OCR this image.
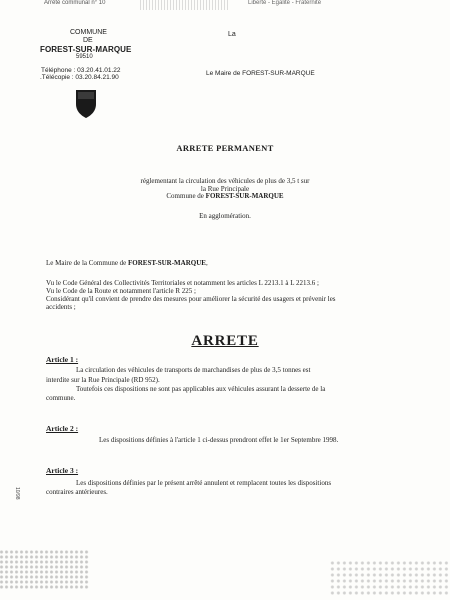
Arrêté communal n° 10	Liberté - Égalité - Fraternité
La
COMMUNE
DE
FOREST-SUR-MARQUE
59510
Téléphone : 03.20.41.01.22
.Télécopie : 03.20.84.21.90
Le Maire de FOREST-SUR-MARQUE
ARRETE PERMANENT
réglementant la circulation des véhicules de plus de 3,5 t sur
la Rue Principale
Commune de FOREST-SUR-MARQUE
En agglomération.
Le Maire de la Commune de FOREST-SUR-MARQUE,
Vu le Code Général des Collectivités Territoriales et notamment les articles L 2213.1 à L 2213.6 ;
Vu le Code de la Route et notamment l'article R 225 ;
Considérant qu'il convient de prendre des mesures pour améliorer la sécurité des usagers et prévenir les
accidents ;
ARRETE
Article 1 :
La circulation des véhicules de transports de marchandises de plus de 3,5 tonnes est
interdite sur la Rue Principale (RD 952).
Toutefois ces dispositions ne sont pas applicables aux véhicules assurant la desserte de la
commune.
Article 2 :
Les dispositions définies à l'article 1 ci-dessus prendront effet le 1er Septembre 1998.
Article 3 :
Les dispositions définies par le présent arrêté annulent et remplacent toutes les dispositions
contraires antérieures.
10/98
